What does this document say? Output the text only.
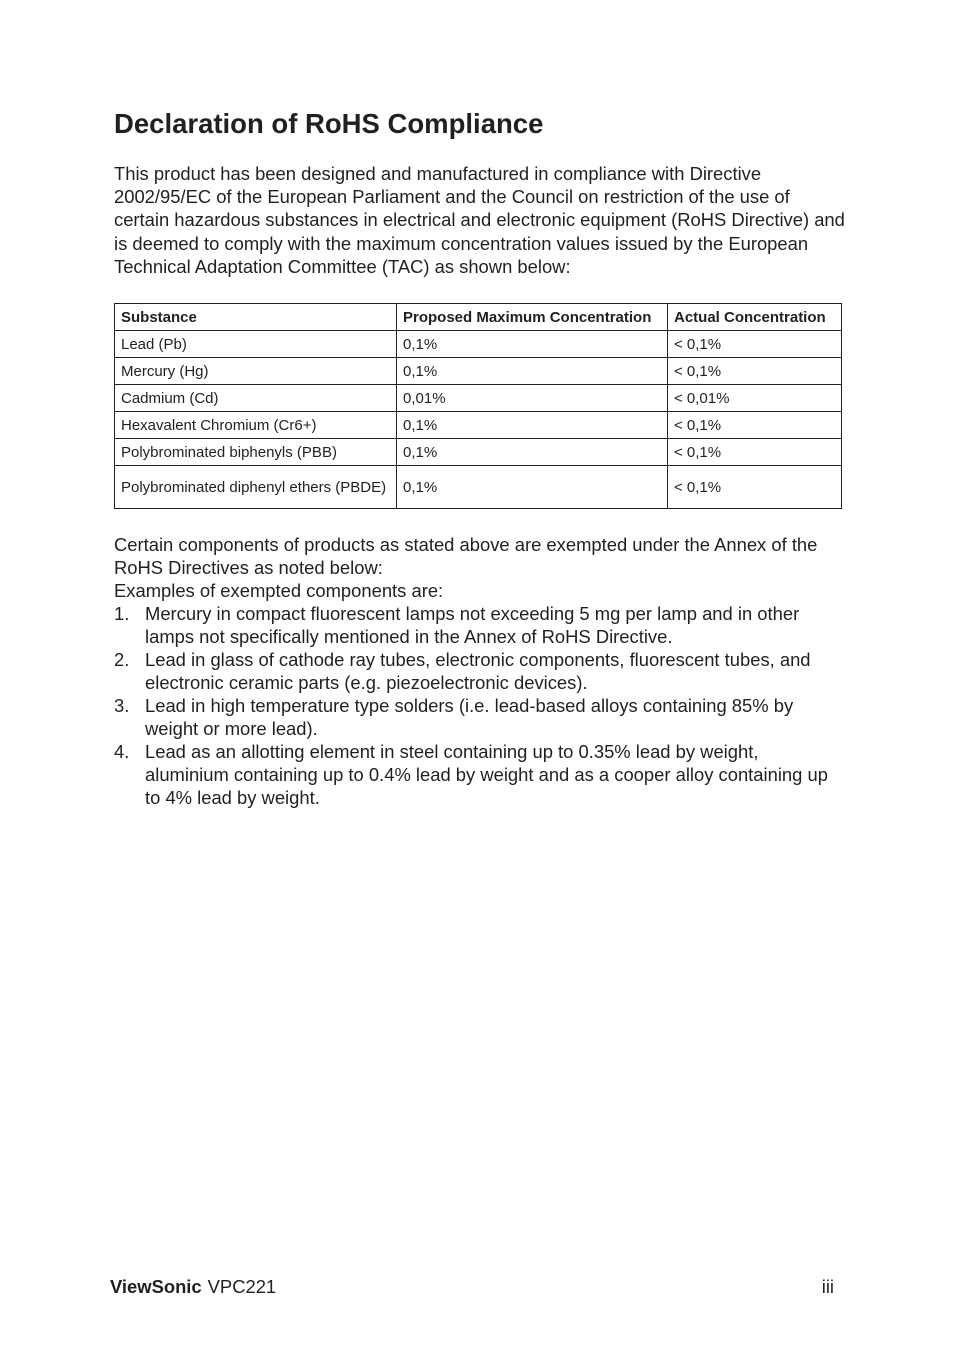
Declaration of RoHS Compliance

This product has been designed and manufactured in compliance with Directive 2002/95/EC of the European Parliament and the Council on restriction of the use of certain hazardous substances in electrical and electronic equipment (RoHS Directive) and is deemed to comply with the maximum concentration values issued by the European Technical Adaptation Committee (TAC) as shown below:

Substance	Proposed Maximum Concentration	Actual Concentration
Lead (Pb)	0,1%	< 0,1%
Mercury (Hg)	0,1%	< 0,1%
Cadmium (Cd)	0,01%	< 0,01%
Hexavalent Chromium (Cr6+)	0,1%	< 0,1%
Polybrominated biphenyls (PBB)	0,1%	< 0,1%
Polybrominated diphenyl ethers (PBDE)	0,1%	< 0,1%

Certain components of products as stated above are exempted under the Annex of the RoHS Directives as noted below:

Examples of exempted components are:

1. Mercury in compact fluorescent lamps not exceeding 5 mg per lamp and in other lamps not specifically mentioned in the Annex of RoHS Directive.
2. Lead in glass of cathode ray tubes, electronic components, fluorescent tubes, and electronic ceramic parts (e.g. piezoelectronic devices).
3. Lead in high temperature type solders (i.e. lead-based alloys containing 85% by weight or more lead).
4. Lead as an allotting element in steel containing up to 0.35% lead by weight, aluminium containing up to 0.4% lead by weight and as a cooper alloy containing up to 4% lead by weight.
ViewSonic VPC221	iii
